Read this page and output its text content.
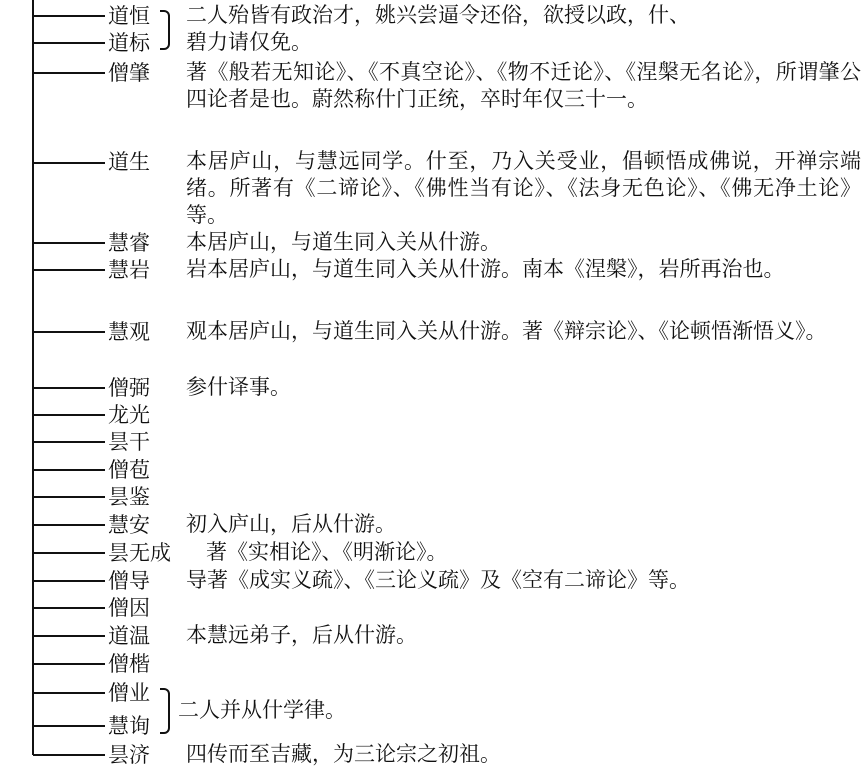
道恒
道标
二人殆皆有政治才，姚兴尝逼令还俗，欲授以政，什、
碧力请仅免。
僧肇 著《般若无知论》、《不真空论》、《物不迁论》、《涅槃无名论》，所谓肇公四论者是也。蔚然称什门正统，卒时年仅三十一。
道生 本居庐山，与慧远同学。什至，乃入关受业，倡顿悟成佛说，开禅宗端绪。所著有《二谛论》、《佛性当有论》、《法身无色论》、《佛无净土论》等。
慧睿 本居庐山，与道生同入关从什游。
慧岩 岩本居庐山，与道生同入关从什游。南本《涅槃》，岩所再治也。
慧观 观本居庐山，与道生同入关从什游。著《辩宗论》、《论顿悟渐悟义》。
僧弼 参什译事。
龙光
昙干
僧苞
昙鉴
慧安 初入庐山，后从什游。
昙无成 著《实相论》、《明渐论》。
僧导 导著《成实义疏》、《三论义疏》及《空有二谛论》等。
僧因
道温 本慧远弟子，后从什游。
僧楷
僧业
慧询
二人并从什学律。
昙济 四传而至吉藏，为三论宗之初祖。
